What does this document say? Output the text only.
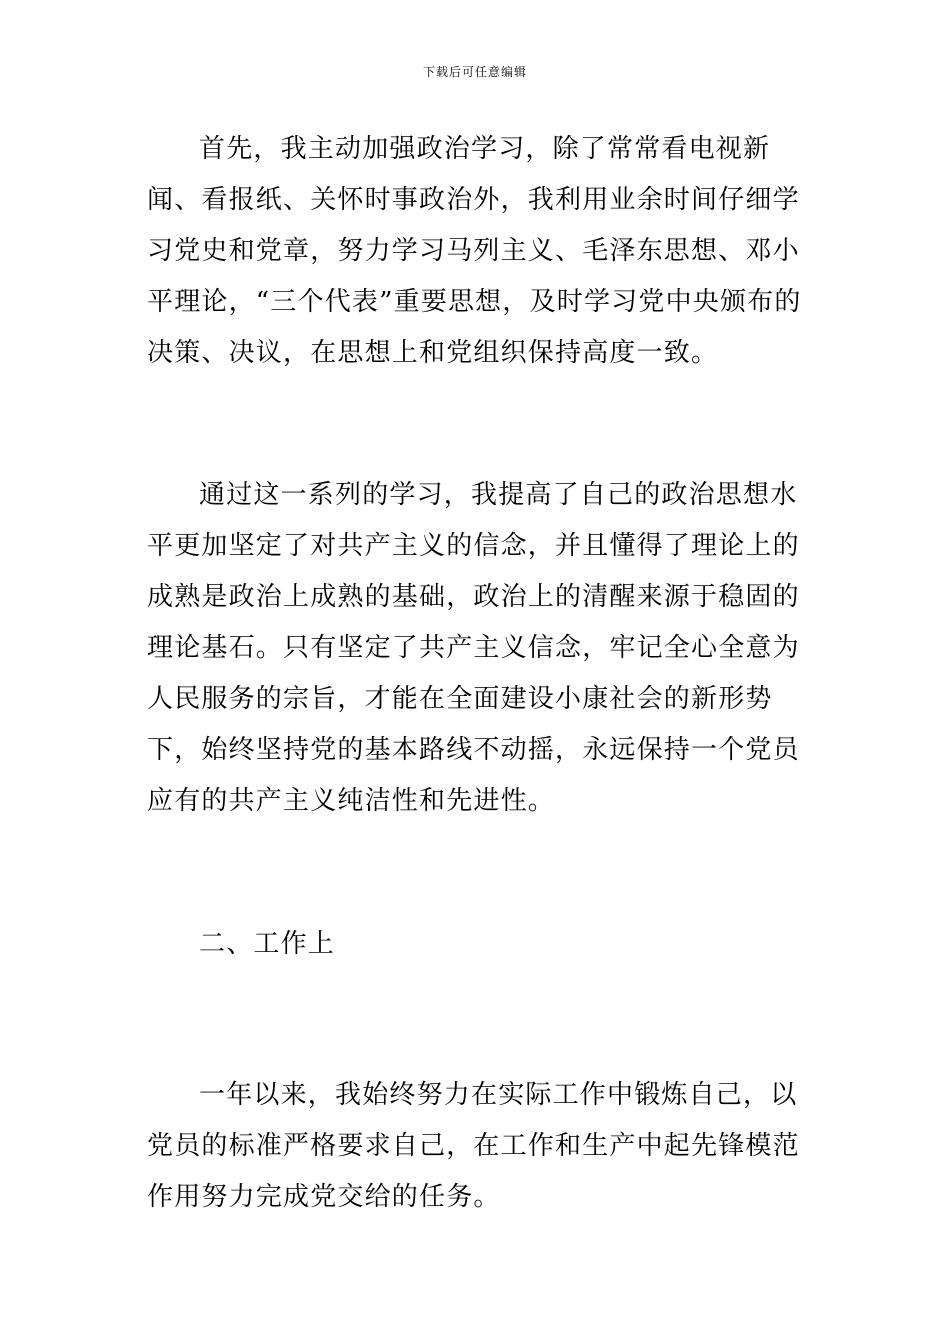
下载后可任意编辑

首先，我主动加强政治学习，除了常常看电视新闻、看报纸、关怀时事政治外，我利用业余时间仔细学习党史和党章，努力学习马列主义、毛泽东思想、邓小平理论，“三个代表”重要思想，及时学习党中央颁布的决策、决议，在思想上和党组织保持高度一致。

通过这一系列的学习，我提高了自己的政治思想水平更加坚定了对共产主义的信念，并且懂得了理论上的成熟是政治上成熟的基础，政治上的清醒来源于稳固的理论基石。只有坚定了共产主义信念，牢记全心全意为人民服务的宗旨，才能在全面建设小康社会的新形势下，始终坚持党的基本路线不动摇，永远保持一个党员应有的共产主义纯洁性和先进性。

二、工作上

一年以来，我始终努力在实际工作中锻炼自己，以党员的标准严格要求自己，在工作和生产中起先锋模范作用努力完成党交给的任务。
